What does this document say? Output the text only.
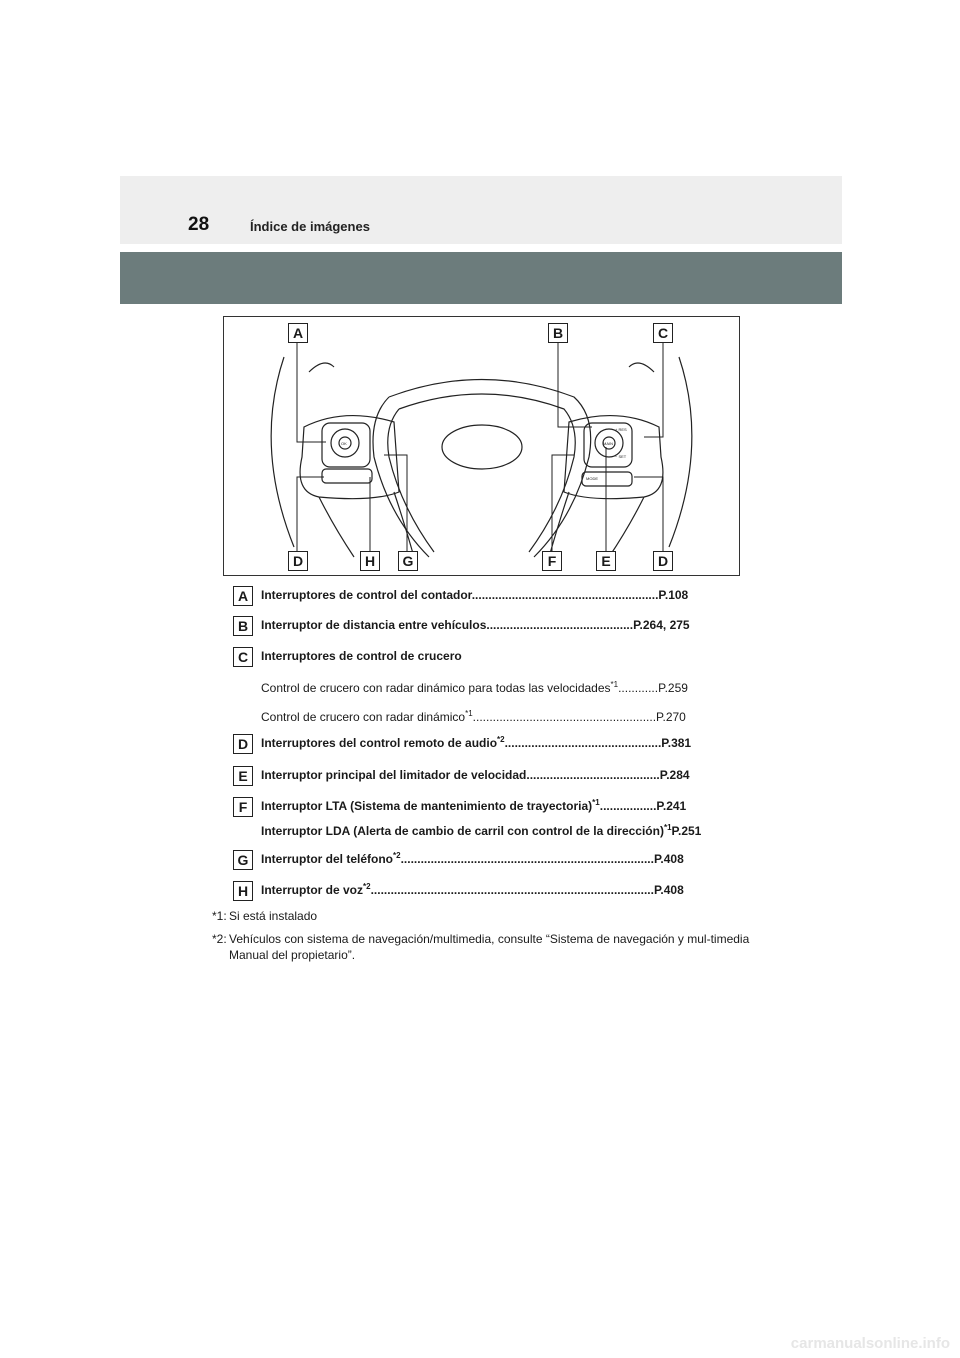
28	Índice de imágenes
OK	MAIN
MODE
+ RES
− SET
A	B	C
D	H	G	F	E	D
A	Interruptores de control del contador........................................................P.108
B	Interruptor de distancia entre vehículos............................................P.264, 275
C	Interruptores de control de crucero
Control de crucero con radar dinámico para todas las velocidades$^{*1}$............P.259
Control de crucero con radar dinámico$^{*1}$.......................................................P.270
D	Interruptores del control remoto de audio$^{*2}$...............................................P.381
E	Interruptor principal del limitador de velocidad........................................P.284
F	Interruptor LTA (Sistema de mantenimiento de trayectoria)$^{*1}$.................P.241
Interruptor LDA (Alerta de cambio de carril con control de la dirección)$^{*1}$P.251
G	Interruptor del teléfono$^{*2}$............................................................................P.408
H	Interruptor de voz$^{*2}$.....................................................................................P.408
*1: Si está instalado
*2: Vehículos con sistema de navegación/multimedia, consulte “Sistema de navegación y mul-timedia Manual del propietario”.
carmanualsonline.info
